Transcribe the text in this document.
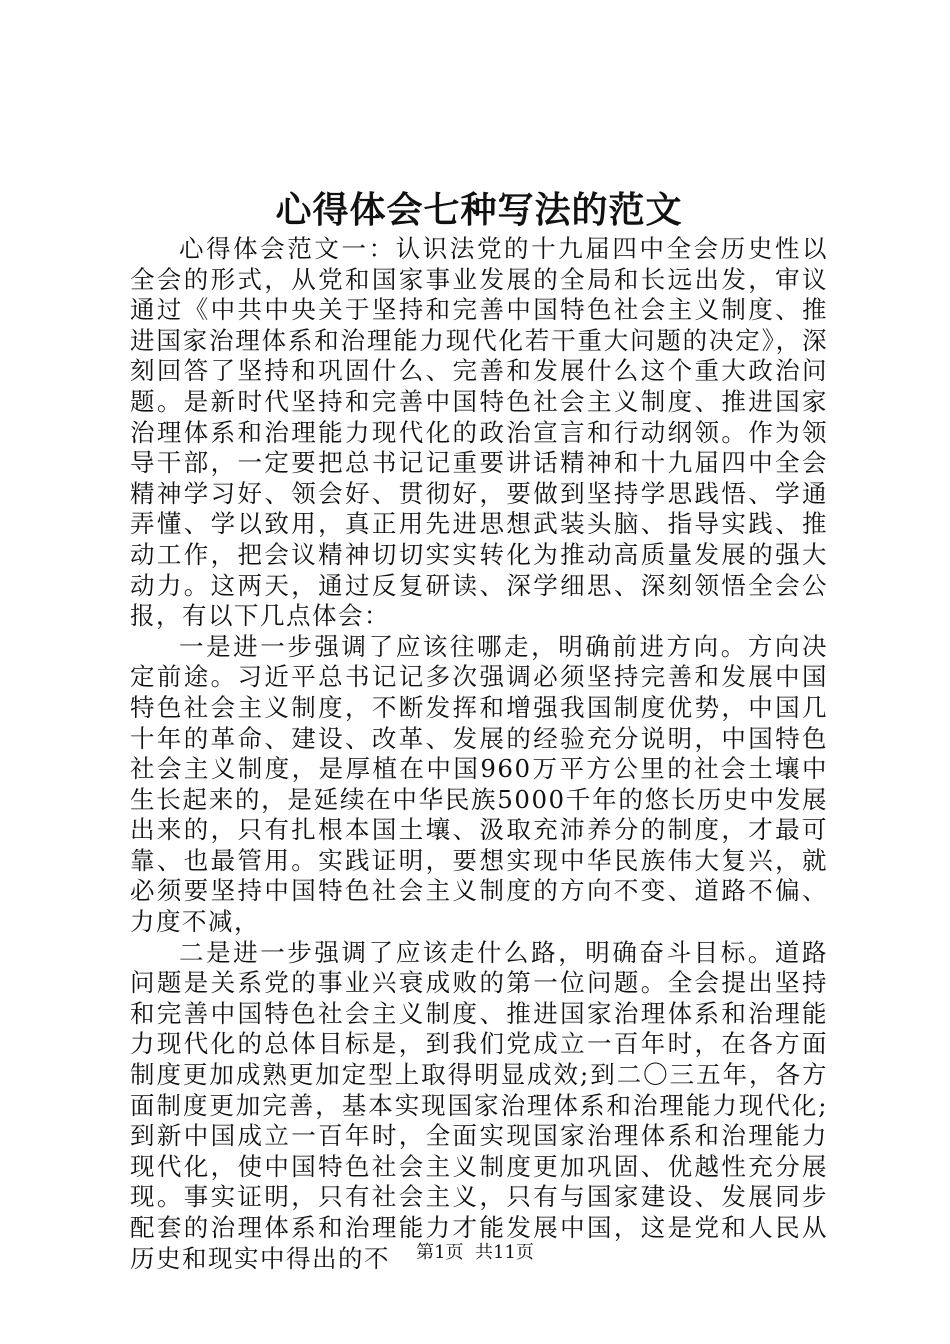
心得体会七种写法的范文

心得体会范文一：认识法党的十九届四中全会历史性以全会的形式，从党和国家事业发展的全局和长远出发，审议通过《中共中央关于坚持和完善中国特色社会主义制度、推进国家治理体系和治理能力现代化若干重大问题的决定》，深刻回答了坚持和巩固什么、完善和发展什么这个重大政治问题。是新时代坚持和完善中国特色社会主义制度、推进国家治理体系和治理能力现代化的政治宣言和行动纲领。作为领导干部，一定要把总书记记重要讲话精神和十九届四中全会精神学习好、领会好、贯彻好，要做到坚持学思践悟、学通弄懂、学以致用，真正用先进思想武装头脑、指导实践、推动工作，把会议精神切切实实转化为推动高质量发展的强大动力。这两天，通过反复研读、深学细思、深刻领悟全会公报，有以下几点体会：

一是进一步强调了应该往哪走，明确前进方向。方向决定前途。习近平总书记记多次强调必须坚持完善和发展中国特色社会主义制度，不断发挥和增强我国制度优势，中国几十年的革命、建设、改革、发展的经验充分说明，中国特色社会主义制度，是厚植在中国960万平方公里的社会土壤中生长起来的，是延续在中华民族5000千年的悠长历史中发展出来的，只有扎根本国土壤、汲取充沛养分的制度，才最可靠、也最管用。实践证明，要想实现中华民族伟大复兴，就必须要坚持中国特色社会主义制度的方向不变、道路不偏、力度不减，

二是进一步强调了应该走什么路，明确奋斗目标。道路问题是关系党的事业兴衰成败的第一位问题。全会提出坚持和完善中国特色社会主义制度、推进国家治理体系和治理能力现代化的总体目标是，到我们党成立一百年时，在各方面制度更加成熟更加定型上取得明显成效;到二〇三五年，各方面制度更加完善，基本实现国家治理体系和治理能力现代化;到新中国成立一百年时，全面实现国家治理体系和治理能力现代化，使中国特色社会主义制度更加巩固、优越性充分展现。事实证明，只有社会主义，只有与国家建设、发展同步配套的治理体系和治理能力才能发展中国，这是党和人民从历史和现实中得出的不	第1页 共11页
